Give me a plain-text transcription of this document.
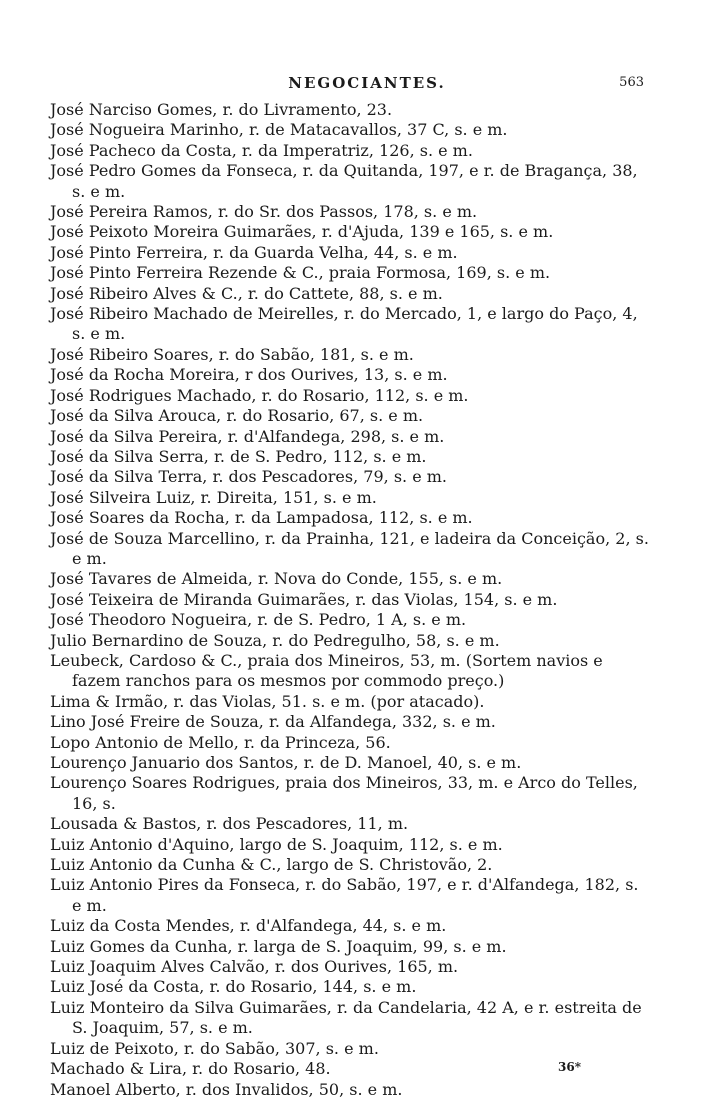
NEGOCIANTES.	563
José Narciso Gomes, r. do Livramento, 23.
José Nogueira Marinho, r. de Matacavallos, 37 C, s. e m.
José Pacheco da Costa, r. da Imperatriz, 126, s. e m.
José Pedro Gomes da Fonseca, r. da Quitanda, 197, e r. de Bragança, 38, s. e m.
José Pereira Ramos, r. do Sr. dos Passos, 178, s. e m.
José Peixoto Moreira Guimarães, r. d'Ajuda, 139 e 165, s. e m.
José Pinto Ferreira, r. da Guarda Velha, 44, s. e m.
José Pinto Ferreira Rezende & C., praia Formosa, 169, s. e m.
José Ribeiro Alves & C., r. do Cattete, 88, s. e m.
José Ribeiro Machado de Meirelles, r. do Mercado, 1, e largo do Paço, 4, s. e m.
José Ribeiro Soares, r. do Sabão, 181, s. e m.
José da Rocha Moreira, r dos Ourives, 13, s. e m.
José Rodrigues Machado, r. do Rosario, 112, s. e m.
José da Silva Arouca, r. do Rosario, 67, s. e m.
José da Silva Pereira, r. d'Alfandega, 298, s. e m.
José da Silva Serra, r. de S. Pedro, 112, s. e m.
José da Silva Terra, r. dos Pescadores, 79, s. e m.
José Silveira Luiz, r. Direita, 151, s. e m.
José Soares da Rocha, r. da Lampadosa, 112, s. e m.
José de Souza Marcellino, r. da Prainha, 121, e ladeira da Conceição, 2, s. e m.
José Tavares de Almeida, r. Nova do Conde, 155, s. e m.
José Teixeira de Miranda Guimarães, r. das Violas, 154, s. e m.
José Theodoro Nogueira, r. de S. Pedro, 1 A, s. e m.
Julio Bernardino de Souza, r. do Pedregulho, 58, s. e m.
Leubeck, Cardoso & C., praia dos Mineiros, 53, m. (Sortem navios e fazem ranchos para os mesmos por commodo preço.)
Lima & Irmão, r. das Violas, 51. s. e m. (por atacado).
Lino José Freire de Souza, r. da Alfandega, 332, s. e m.
Lopo Antonio de Mello, r. da Princeza, 56.
Lourenço Januario dos Santos, r. de D. Manoel, 40, s. e m.
Lourenço Soares Rodrigues, praia dos Mineiros, 33, m. e Arco do Telles, 16, s.
Lousada & Bastos, r. dos Pescadores, 11, m.
Luiz Antonio d'Aquino, largo de S. Joaquim, 112, s. e m.
Luiz Antonio da Cunha & C., largo de S. Christovão, 2.
Luiz Antonio Pires da Fonseca, r. do Sabão, 197, e r. d'Alfandega, 182, s. e m.
Luiz da Costa Mendes, r. d'Alfandega, 44, s. e m.
Luiz Gomes da Cunha, r. larga de S. Joaquim, 99, s. e m.
Luiz Joaquim Alves Calvão, r. dos Ourives, 165, m.
Luiz José da Costa, r. do Rosario, 144, s. e m.
Luiz Monteiro da Silva Guimarães, r. da Candelaria, 42 A, e r. estreita de S. Joaquim, 57, s. e m.
Luiz de Peixoto, r. do Sabão, 307, s. e m.
Machado & Lira, r. do Rosario, 48.
Manoel Alberto, r. dos Invalidos, 50, s. e m.
36*
